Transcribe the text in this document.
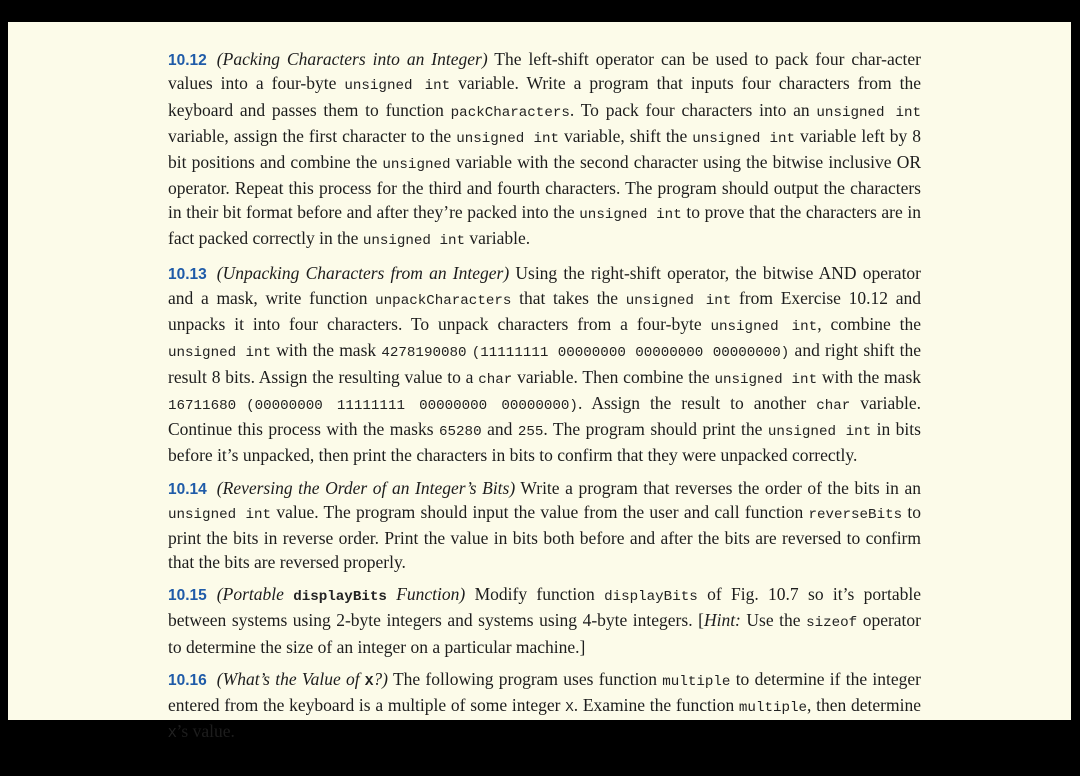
10.12 (Packing Characters into an Integer) The left-shift operator can be used to pack four char-acter values into a four-byte unsigned int variable. Write a program that inputs four characters from the keyboard and passes them to function packCharacters. To pack four characters into an unsigned int variable, assign the first character to the unsigned int variable, shift the unsigned int variable left by 8 bit positions and combine the unsigned variable with the second character using the bitwise inclusive OR operator. Repeat this process for the third and fourth characters. The program should output the characters in their bit format before and after they’re packed into the unsigned int to prove that the characters are in fact packed correctly in the unsigned int variable.

10.13 (Unpacking Characters from an Integer) Using the right-shift operator, the bitwise AND operator and a mask, write function unpackCharacters that takes the unsigned int from Exercise 10.12 and unpacks it into four characters. To unpack characters from a four-byte unsigned int, combine the unsigned int with the mask 4278190080 (11111111 00000000 00000000 00000000) and right shift the result 8 bits. Assign the resulting value to a char variable. Then combine the unsigned int with the mask 16711680 (00000000 11111111 00000000 00000000). Assign the result to another char variable. Continue this process with the masks 65280 and 255. The program should print the unsigned int in bits before it’s unpacked, then print the characters in bits to confirm that they were unpacked correctly.

10.14 (Reversing the Order of an Integer’s Bits) Write a program that reverses the order of the bits in an unsigned int value. The program should input the value from the user and call function reverseBits to print the bits in reverse order. Print the value in bits both before and after the bits are reversed to confirm that the bits are reversed properly.

10.15 (Portable displayBits Function) Modify function displayBits of Fig. 10.7 so it’s portable between systems using 2-byte integers and systems using 4-byte integers. [Hint: Use the sizeof operator to determine the size of an integer on a particular machine.]

10.16 (What’s the Value of X?) The following program uses function multiple to determine if the integer entered from the keyboard is a multiple of some integer X. Examine the function multiple, then determine X’s value.
